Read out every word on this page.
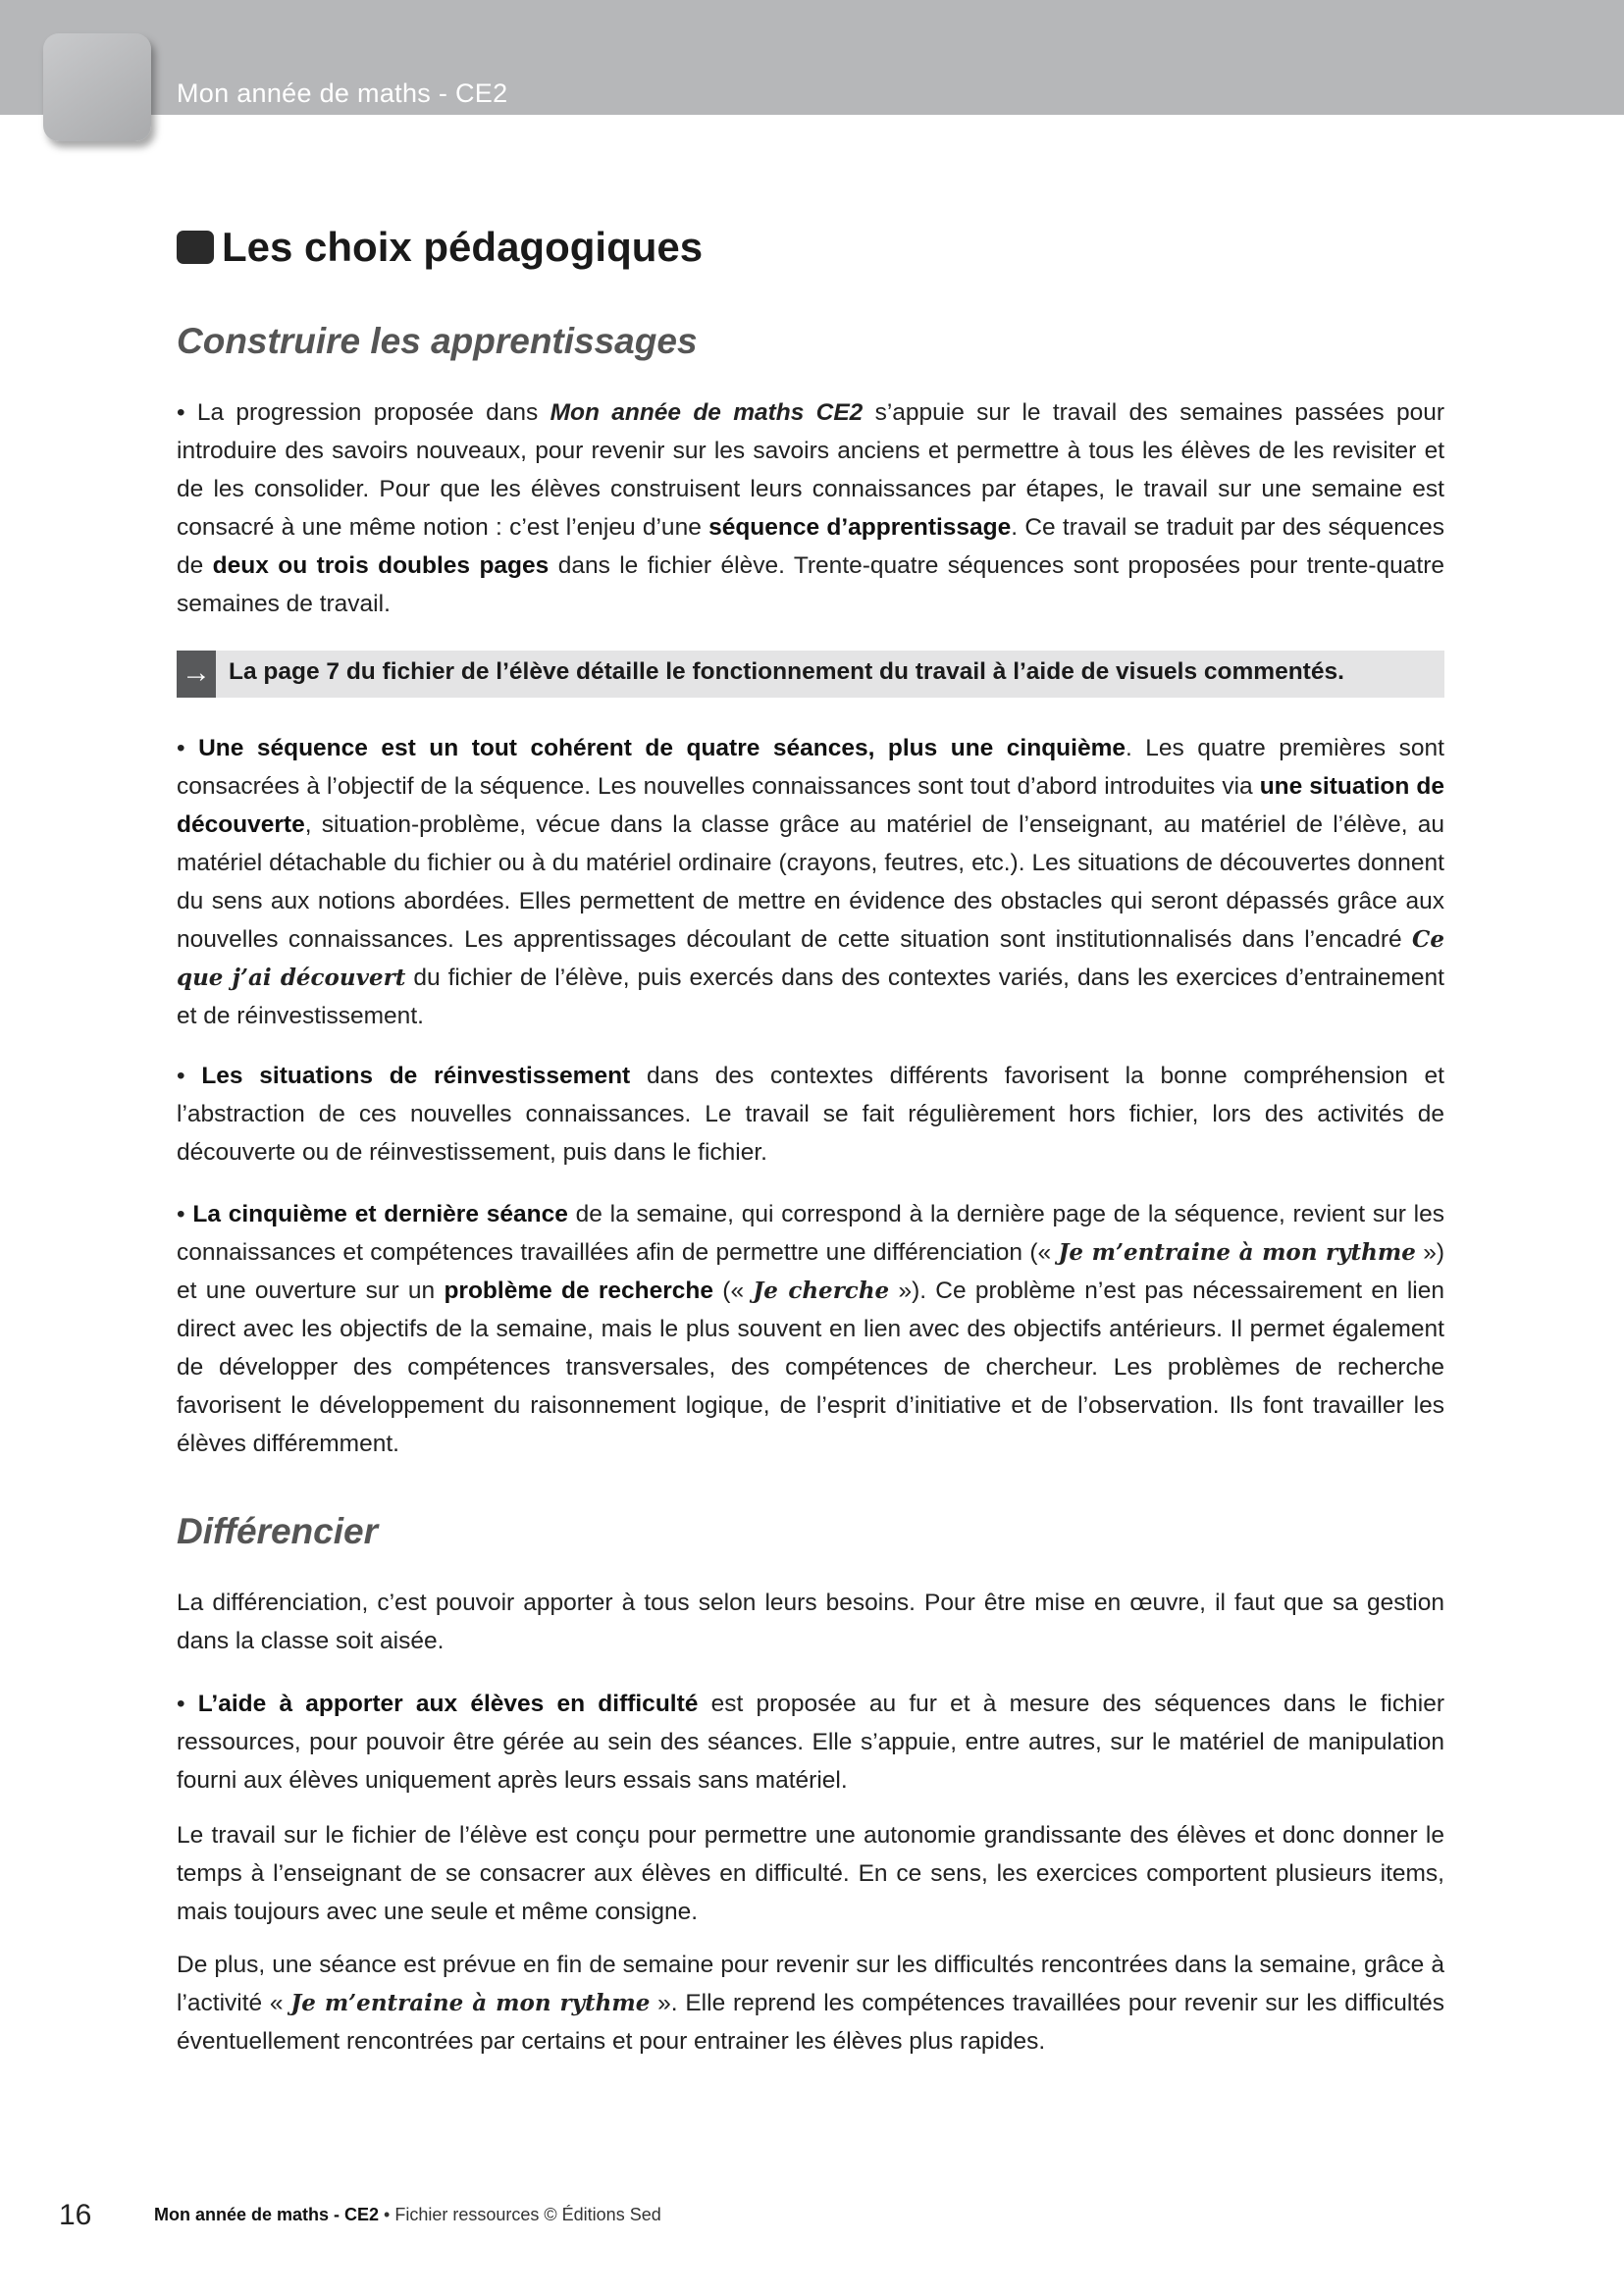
Mon année de maths - CE2
Les choix pédagogiques
Construire les apprentissages

• La progression proposée dans Mon année de maths CE2 s’appuie sur le travail des semaines passées pour introduire des savoirs nouveaux, pour revenir sur les savoirs anciens et permettre à tous les élèves de les revisiter et de les consolider. Pour que les élèves construisent leurs connaissances par étapes, le travail sur une semaine est consacré à une même notion : c’est l’enjeu d’une séquence d’apprentissage. Ce travail se traduit par des séquences de deux ou trois doubles pages dans le fichier élève. Trente-quatre séquences sont proposées pour trente-quatre semaines de travail.

→ La page 7 du fichier de l’élève détaille le fonctionnement du travail à l’aide de visuels commentés.

• Une séquence est un tout cohérent de quatre séances, plus une cinquième. Les quatre premières sont consacrées à l’objectif de la séquence. Les nouvelles connaissances sont tout d’abord introduites via une situation de découverte, situation-problème, vécue dans la classe grâce au matériel de l’enseignant, au matériel de l’élève, au matériel détachable du fichier ou à du matériel ordinaire (crayons, feutres, etc.). Les situations de découvertes donnent du sens aux notions abordées. Elles permettent de mettre en évidence des obstacles qui seront dépassés grâce aux nouvelles connaissances. Les apprentissages découlant de cette situation sont institutionnalisés dans l’encadré Ce que j’ai découvert du fichier de l’élève, puis exercés dans des contextes variés, dans les exercices d’entrainement et de réinvestissement.

• Les situations de réinvestissement dans des contextes différents favorisent la bonne compréhension et l’abstraction de ces nouvelles connaissances. Le travail se fait régulièrement hors fichier, lors des activités de découverte ou de réinvestissement, puis dans le fichier.

• La cinquième et dernière séance de la semaine, qui correspond à la dernière page de la séquence, revient sur les connaissances et compétences travaillées afin de permettre une différenciation (« Je m’entraine à mon rythme ») et une ouverture sur un problème de recherche (« Je cherche »). Ce problème n’est pas nécessairement en lien direct avec les objectifs de la semaine, mais le plus souvent en lien avec des objectifs antérieurs. Il permet également de développer des compétences transversales, des compétences de chercheur. Les problèmes de recherche favorisent le développement du raisonnement logique, de l’esprit d’initiative et de l’observation. Ils font travailler les élèves différemment.

Différencier

La différenciation, c’est pouvoir apporter à tous selon leurs besoins. Pour être mise en œuvre, il faut que sa gestion dans la classe soit aisée.

• L’aide à apporter aux élèves en difficulté est proposée au fur et à mesure des séquences dans le fichier ressources, pour pouvoir être gérée au sein des séances. Elle s’appuie, entre autres, sur le matériel de manipulation fourni aux élèves uniquement après leurs essais sans matériel.

Le travail sur le fichier de l’élève est conçu pour permettre une autonomie grandissante des élèves et donc donner le temps à l’enseignant de se consacrer aux élèves en difficulté. En ce sens, les exercices comportent plusieurs items, mais toujours avec une seule et même consigne.

De plus, une séance est prévue en fin de semaine pour revenir sur les difficultés rencontrées dans la semaine, grâce à l’activité « Je m’entraine à mon rythme ». Elle reprend les compétences travaillées pour revenir sur les difficultés éventuellement rencontrées par certains et pour entrainer les élèves plus rapides.

16	Mon année de maths - CE2 • Fichier ressources © Éditions Sed
